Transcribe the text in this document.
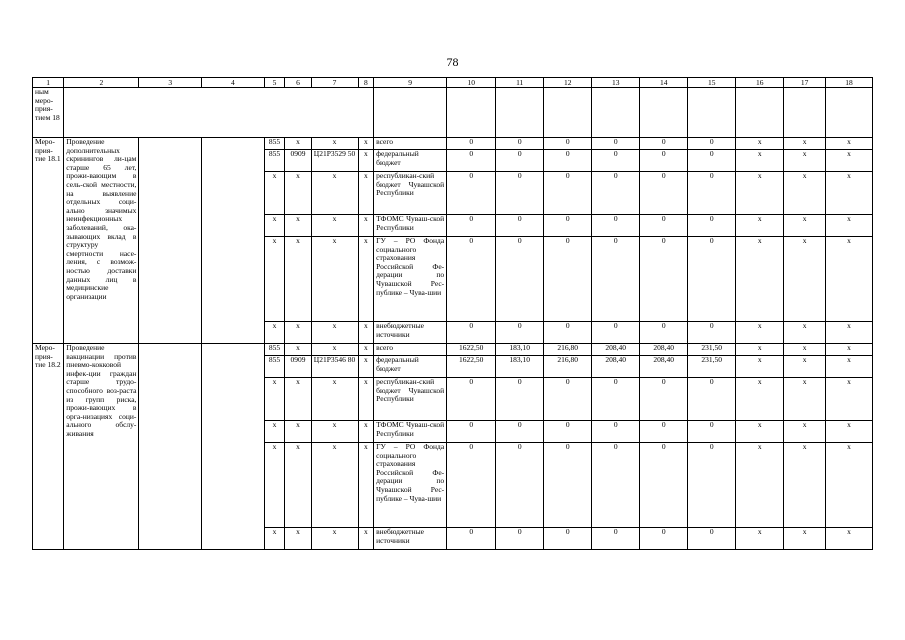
78
1	2	3	4	5	6	7	8	9	10	11	12	13	14	15	16	17	18
ным меро-прия-тием 18																	
Меро-прия-тие 18.1	Проведение дополнительных скринингов ли-цам старше 65 лет, прожи-вающим в сель-ской местности, на выявление отдельных соци-ально значимых неинфекционных заболеваний, ока-зывающих вклад в структуру смертности насе-ления, с возмож-ностью доставки данных лиц в медицинские организации			855	х	х	х	всего	0	0	0	0	0	0	х	х	х
				855	0909	Ц21Р3529 50	х	федеральный бюджет	0	0	0	0	0	0	х	х	х
				х	х	х	х	республикан-ский бюджет Чувашской Республики	0	0	0	0	0	0	х	х	х
				х	х	х	х	ТФОМС Чуваш-ской Республики	0	0	0	0	0	0	х	х	х
				х	х	х	х	ГУ – РО Фонда социального страхования Российской Фе-дерации по Чувашской Рес-публике – Чува-шии	0	0	0	0	0	0	х	х	х
				х	х	х	х	внебюджетные источники	0	0	0	0	0	0	х	х	х
Меро-прия-тие 18.2	Проведение вакцинации против пневмо-кокковой инфек-ции граждан старше трудо-способного воз-раста из групп риска, прожи-вающих в орга-низациях соци-ального обслу-живания			855	х	х	х	всего	1622,50	183,10	216,80	208,40	208,40	231,50	х	х	х
				855	0909	Ц21Р3546 80	х	федеральный бюджет	1622,50	183,10	216,80	208,40	208,40	231,50	х	х	х
				х	х	х	х	республикан-ский бюджет Чувашской Республики	0	0	0	0	0	0	х	х	х
				х	х	х	х	ТФОМС Чуваш-ской Республики	0	0	0	0	0	0	х	х	х
				х	х	х	х	ГУ – РО Фонда социального страхования Российской Фе-дерации по Чувашской Рес-публике – Чува-шии	0	0	0	0	0	0	х	х	х
				х	х	х	х	внебюджетные источники	0	0	0	0	0	0	х	х	х
